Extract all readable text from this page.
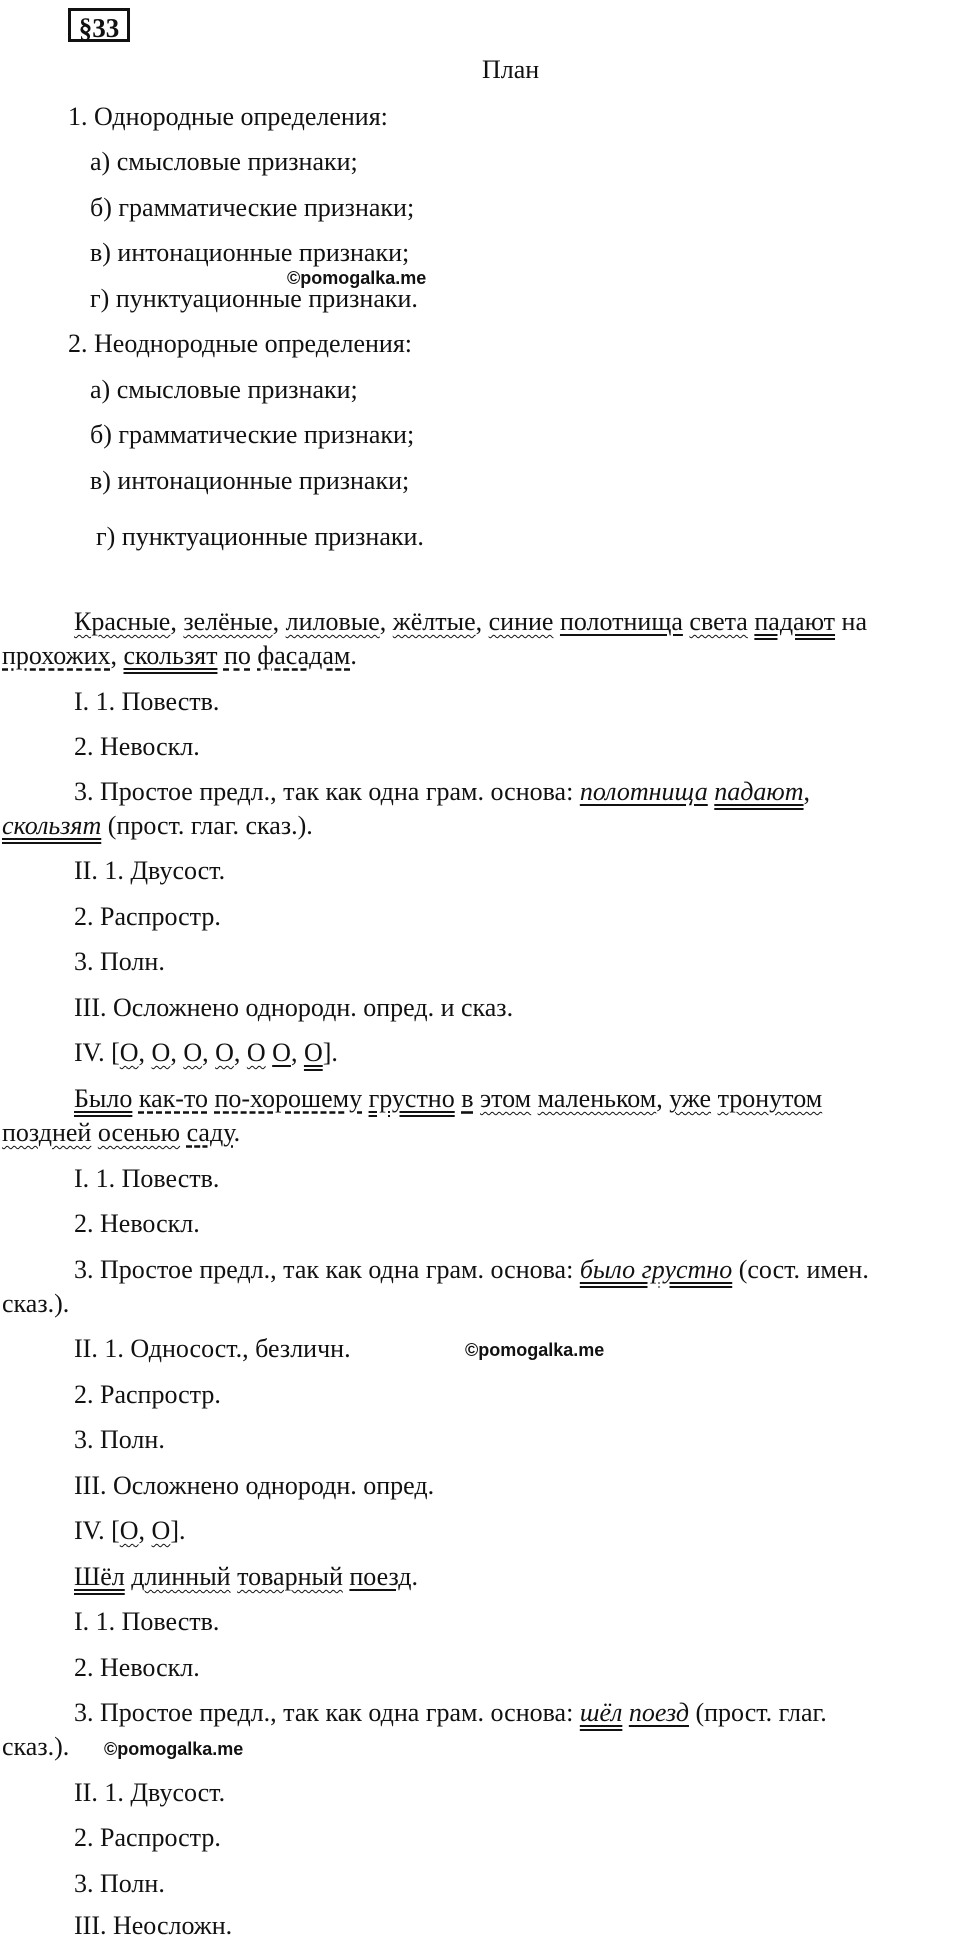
§33
План
1. Однородные определения:
а) смысловые признаки;
б) грамматические признаки;
в) интонационные признаки;
©pomogalka.me
г) пунктуационные признаки.
2. Неоднородные определения:
а) смысловые признаки;
б) грамматические признаки;
в) интонационные признаки;
г) пунктуационные признаки.
Красные, зелёные, лиловые, жёлтые, синие полотнища света падают на
прохожих, скользят по фасадам.
I. 1. Повеств.
2. Невоскл.
3. Простое предл., так как одна грам. основа: полотнища падают,
скользят (прост. глаг. сказ.).
II. 1. Двусост.
2. Распростр.
3. Полн.
III. Осложнено однородн. опред. и сказ.
IV. [O, O, O, O, O O, O].
Было как-то по-хорошему грустно в этом маленьком, уже тронутом
поздней осенью саду.
I. 1. Повеств.
2. Невоскл.
3. Простое предл., так как одна грам. основа: было грустно (сост. имен.
сказ.).
II. 1. Односост., безличн.	©pomogalka.me
2. Распростр.
3. Полн.
III. Осложнено однородн. опред.
IV. [O, O].
Шёл длинный товарный поезд.
I. 1. Повеств.
2. Невоскл.
3. Простое предл., так как одна грам. основа: шёл поезд (прост. глаг.
сказ.). ©pomogalka.me
II. 1. Двусост.
2. Распростр.
3. Полн.
III. Неосложн.
